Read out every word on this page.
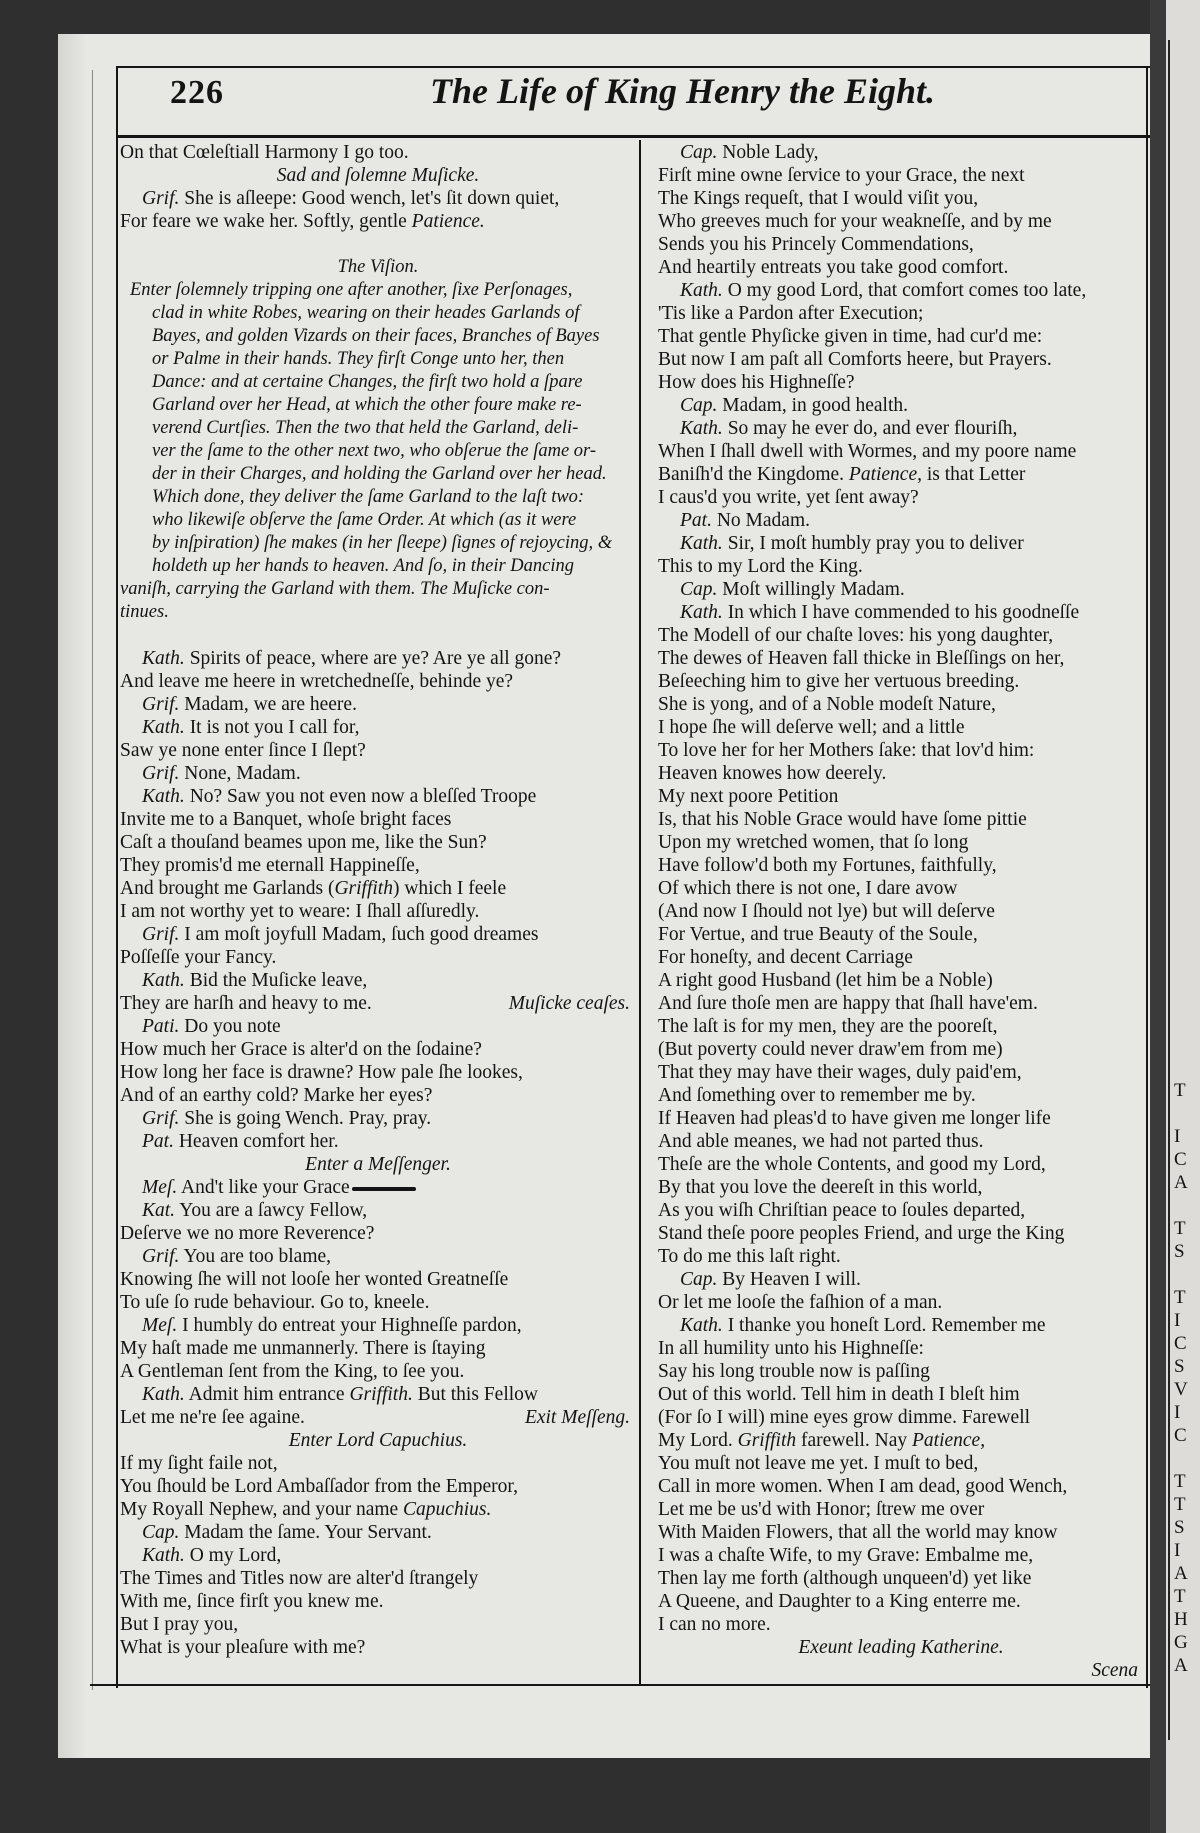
T
I
C
A
T
S
T
I
C
S
V
I
C
T
T
S
I
A
T
H
G
A
226	The Life of King Henry the Eight.
On that Cœleſtiall Harmony I go too.
Sad and ſolemne Muſicke.
Grif. She is aſleepe: Good wench, let's ſit down quiet,
For feare we wake her. Softly, gentle Patience.
The Viſion.
Enter ſolemnely tripping one after another, ſixe Perſonages,
clad in white Robes, wearing on their heades Garlands of
Bayes, and golden Vizards on their faces, Branches of Bayes
or Palme in their hands. They firſt Conge unto her, then
Dance: and at certaine Changes, the firſt two hold a ſpare
Garland over her Head, at which the other foure make re-
verend Curtſies. Then the two that held the Garland, deli-
ver the ſame to the other next two, who obſerue the ſame or-
der in their Charges, and holding the Garland over her head.
Which done, they deliver the ſame Garland to the laſt two:
who likewiſe obſerve the ſame Order. At which (as it were
by inſpiration) ſhe makes (in her ſleepe) ſignes of rejoycing, &
holdeth up her hands to heaven. And ſo, in their Dancing
vaniſh, carrying the Garland with them. The Muſicke con-
tinues.
Kath. Spirits of peace, where are ye? Are ye all gone?
And leave me heere in wretchedneſſe, behinde ye?
Grif. Madam, we are heere.
Kath. It is not you I call for,
Saw ye none enter ſince I ſlept?
Grif. None, Madam.
Kath. No? Saw you not even now a bleſſed Troope
Invite me to a Banquet, whoſe bright faces
Caſt a thouſand beames upon me, like the Sun?
They promis'd me eternall Happineſſe,
And brought me Garlands (Griffith) which I feele
I am not worthy yet to weare: I ſhall aſſuredly.
Grif. I am moſt joyfull Madam, ſuch good dreames
Poſſeſſe your Fancy.
Kath. Bid the Muſicke leave,
They are harſh and heavy to me.	Muſicke ceaſes.
Pati. Do you note
How much her Grace is alter'd on the ſodaine?
How long her face is drawne? How pale ſhe lookes,
And of an earthy cold? Marke her eyes?
Grif. She is going Wench. Pray, pray.
Pat. Heaven comfort her.
Enter a Meſſenger.
Meſ. And't like your Grace
Kat. You are a ſawcy Fellow,
Deſerve we no more Reverence?
Grif. You are too blame,
Knowing ſhe will not looſe her wonted Greatneſſe
To uſe ſo rude behaviour. Go to, kneele.
Meſ. I humbly do entreat your Highneſſe pardon,
My haſt made me unmannerly. There is ſtaying
A Gentleman ſent from the King, to ſee you.
Kath. Admit him entrance Griffith. But this Fellow
Let me ne're ſee againe.	Exit Meſſeng.
Enter Lord Capuchius.
If my ſight faile not,
You ſhould be Lord Ambaſſador from the Emperor,
My Royall Nephew, and your name Capuchius.
Cap. Madam the ſame. Your Servant.
Kath. O my Lord,
The Times and Titles now are alter'd ſtrangely
With me, ſince firſt you knew me.
But I pray you,
What is your pleaſure with me?
Cap. Noble Lady,
Firſt mine owne ſervice to your Grace, the next
The Kings requeſt, that I would viſit you,
Who greeves much for your weakneſſe, and by me
Sends you his Princely Commendations,
And heartily entreats you take good comfort.
Kath. O my good Lord, that comfort comes too late,
'Tis like a Pardon after Execution;
That gentle Phyſicke given in time, had cur'd me:
But now I am paſt all Comforts heere, but Prayers.
How does his Highneſſe?
Cap. Madam, in good health.
Kath. So may he ever do, and ever flouriſh,
When I ſhall dwell with Wormes, and my poore name
Baniſh'd the Kingdome. Patience, is that Letter
I caus'd you write, yet ſent away?
Pat. No Madam.
Kath. Sir, I moſt humbly pray you to deliver
This to my Lord the King.
Cap. Moſt willingly Madam.
Kath. In which I have commended to his goodneſſe
The Modell of our chaſte loves: his yong daughter,
The dewes of Heaven fall thicke in Bleſſings on her,
Beſeeching him to give her vertuous breeding.
She is yong, and of a Noble modeſt Nature,
I hope ſhe will deſerve well; and a little
To love her for her Mothers ſake: that lov'd him:
Heaven knowes how deerely.
My next poore Petition
Is, that his Noble Grace would have ſome pittie
Upon my wretched women, that ſo long
Have follow'd both my Fortunes, faithfully,
Of which there is not one, I dare avow
(And now I ſhould not lye) but will deſerve
For Vertue, and true Beauty of the Soule,
For honeſty, and decent Carriage
A right good Husband (let him be a Noble)
And ſure thoſe men are happy that ſhall have'em.
The laſt is for my men, they are the pooreſt,
(But poverty could never draw'em from me)
That they may have their wages, duly paid'em,
And ſomething over to remember me by.
If Heaven had pleas'd to have given me longer life
And able meanes, we had not parted thus.
Theſe are the whole Contents, and good my Lord,
By that you love the deereſt in this world,
As you wiſh Chriſtian peace to ſoules departed,
Stand theſe poore peoples Friend, and urge the King
To do me this laſt right.
Cap. By Heaven I will.
Or let me looſe the faſhion of a man.
Kath. I thanke you honeſt Lord. Remember me
In all humility unto his Highneſſe:
Say his long trouble now is paſſing
Out of this world. Tell him in death I bleſt him
(For ſo I will) mine eyes grow dimme. Farewell
My Lord. Griffith farewell. Nay Patience,
You muſt not leave me yet. I muſt to bed,
Call in more women. When I am dead, good Wench,
Let me be us'd with Honor; ſtrew me over
With Maiden Flowers, that all the world may know
I was a chaſte Wife, to my Grave: Embalme me,
Then lay me forth (although unqueen'd) yet like
A Queene, and Daughter to a King enterre me.
I can no more.
Exeunt leading Katherine.
Scena
